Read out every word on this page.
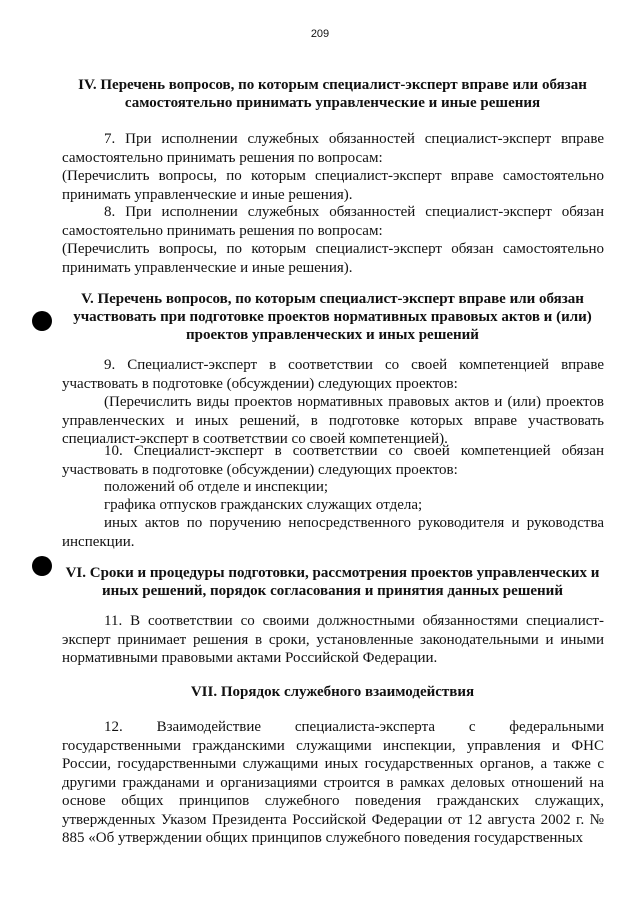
209
IV. Перечень вопросов, по которым специалист-эксперт вправе или обязан самостоятельно принимать управленческие и иные решения
7. При исполнении служебных обязанностей специалист-эксперт вправе самостоятельно принимать решения по вопросам:
(Перечислить вопросы, по которым специалист-эксперт вправе самостоятельно принимать управленческие и иные решения).
8. При исполнении служебных обязанностей специалист-эксперт обязан самостоятельно принимать решения по вопросам:
(Перечислить вопросы, по которым специалист-эксперт обязан самостоятельно принимать управленческие и иные решения).
V. Перечень вопросов, по которым специалист-эксперт вправе или обязан участвовать при подготовке проектов нормативных правовых актов и (или) проектов управленческих и иных решений
9. Специалист-эксперт в соответствии со своей компетенцией вправе участвовать в подготовке (обсуждении) следующих проектов:
(Перечислить виды проектов нормативных правовых актов и (или) проектов управленческих и иных решений, в подготовке которых вправе участвовать специалист-эксперт в соответствии со своей компетенцией).
10. Специалист-эксперт в соответствии со своей компетенцией обязан участвовать в подготовке (обсуждении) следующих проектов:
положений об отделе и инспекции;
графика отпусков гражданских служащих отдела;
иных актов по поручению непосредственного руководителя и руководства инспекции.
VI. Сроки и процедуры подготовки, рассмотрения проектов управленческих и иных решений, порядок согласования и принятия данных решений
11. В соответствии со своими должностными обязанностями специалист-эксперт принимает решения в сроки, установленные законодательными и иными нормативными правовыми актами Российской Федерации.
VII. Порядок служебного взаимодействия
12. Взаимодействие специалиста-эксперта с федеральными государственными гражданскими служащими инспекции, управления и ФНС России, государственными служащими иных государственных органов, а также с другими гражданами и организациями строится в рамках деловых отношений на основе общих принципов служебного поведения гражданских служащих, утвержденных Указом Президента Российской Федерации от 12 августа 2002 г. № 885 «Об утверждении общих принципов служебного поведения государственных
